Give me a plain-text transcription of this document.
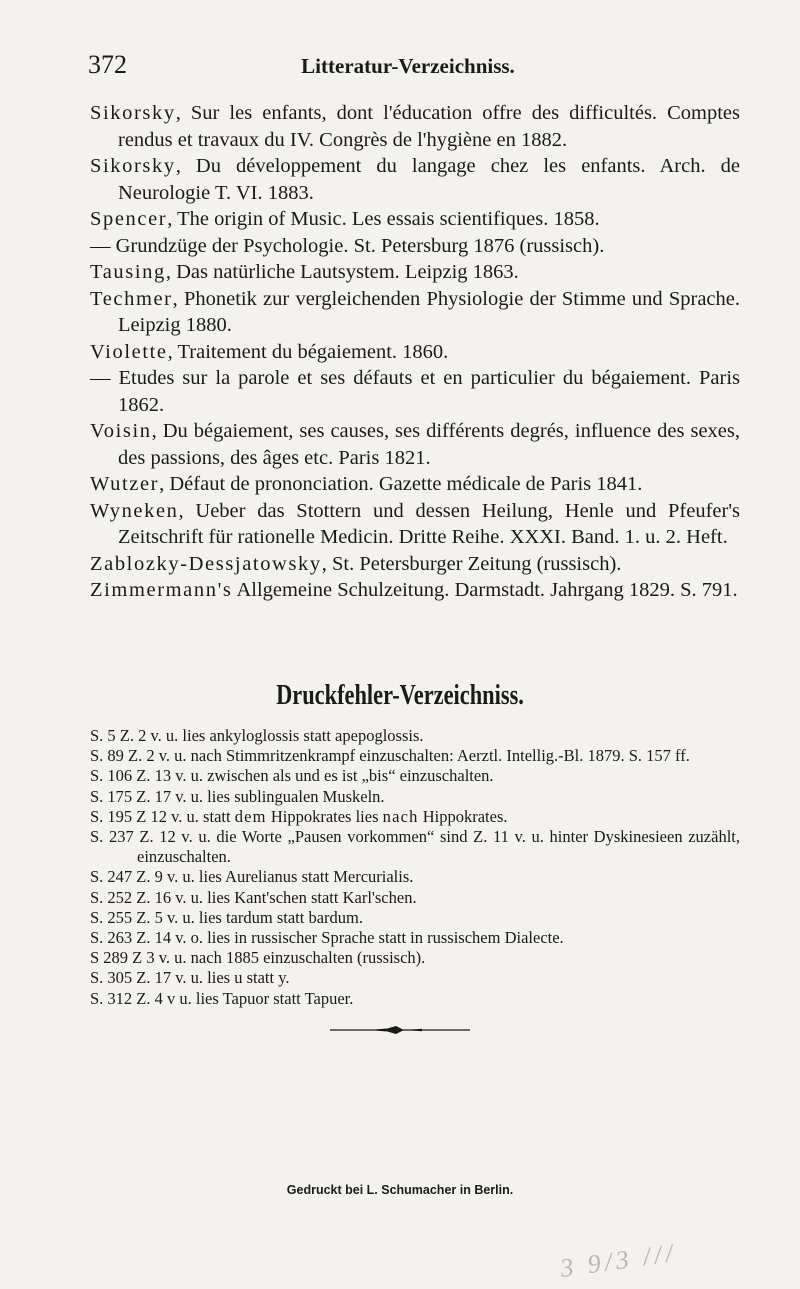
372	Litteratur-Verzeichniss.

Sikorsky, Sur les enfants, dont l'éducation offre des difficultés. Comptes rendus et travaux du IV. Congrès de l'hygiène en 1882.

Sikorsky, Du développement du langage chez les enfants. Arch. de Neurologie T. VI. 1883.

Spencer, The origin of Music. Les essais scientifiques. 1858.

— Grundzüge der Psychologie. St. Petersburg 1876 (russisch).

Tausing, Das natürliche Lautsystem. Leipzig 1863.

Techmer, Phonetik zur vergleichenden Physiologie der Stimme und Sprache. Leipzig 1880.

Violette, Traitement du bégaiement. 1860.

— Etudes sur la parole et ses défauts et en particulier du bégaiement. Paris 1862.

Voisin, Du bégaiement, ses causes, ses différents degrés, influence des sexes, des passions, des âges etc. Paris 1821.

Wutzer, Défaut de prononciation. Gazette médicale de Paris 1841.

Wyneken, Ueber das Stottern und dessen Heilung, Henle und Pfeufer's Zeitschrift für rationelle Medicin. Dritte Reihe. XXXI. Band. 1. u. 2. Heft.

Zablozky-Dessjatowsky, St. Petersburger Zeitung (russisch).

Zimmermann's Allgemeine Schulzeitung. Darmstadt. Jahrgang 1829. S. 791.

Druckfehler-Verzeichniss.

S. 5 Z. 2 v. u. lies ankyloglossis statt apepoglossis.

S. 89 Z. 2 v. u. nach Stimmritzenkrampf einzuschalten: Aerztl. Intellig.-Bl. 1879. S. 157 ff.

S. 106 Z. 13 v. u. zwischen als und es ist „bis“ einzuschalten.

S. 175 Z. 17 v. u. lies sublingualen Muskeln.

S. 195 Z 12 v. u. statt dem Hippokrates lies nach Hippokrates.

S. 237 Z. 12 v. u. die Worte „Pausen vorkommen“ sind Z. 11 v. u. hinter Dyskinesieen zuzählt, einzuschalten.

S. 247 Z. 9 v. u. lies Aurelianus statt Mercurialis.

S. 252 Z. 16 v. u. lies Kant'schen statt Karl'schen.

S. 255 Z. 5 v. u. lies tardum statt bardum.

S. 263 Z. 14 v. o. lies in russischer Sprache statt in russischem Dialecte.

S 289 Z 3 v. u. nach 1885 einzuschalten (russisch).

S. 305 Z. 17 v. u. lies u statt y.

S. 312 Z. 4 v u. lies Tapuor statt Tapuer.

Gedruckt bei L. Schumacher in Berlin.
3 9/3 ///
